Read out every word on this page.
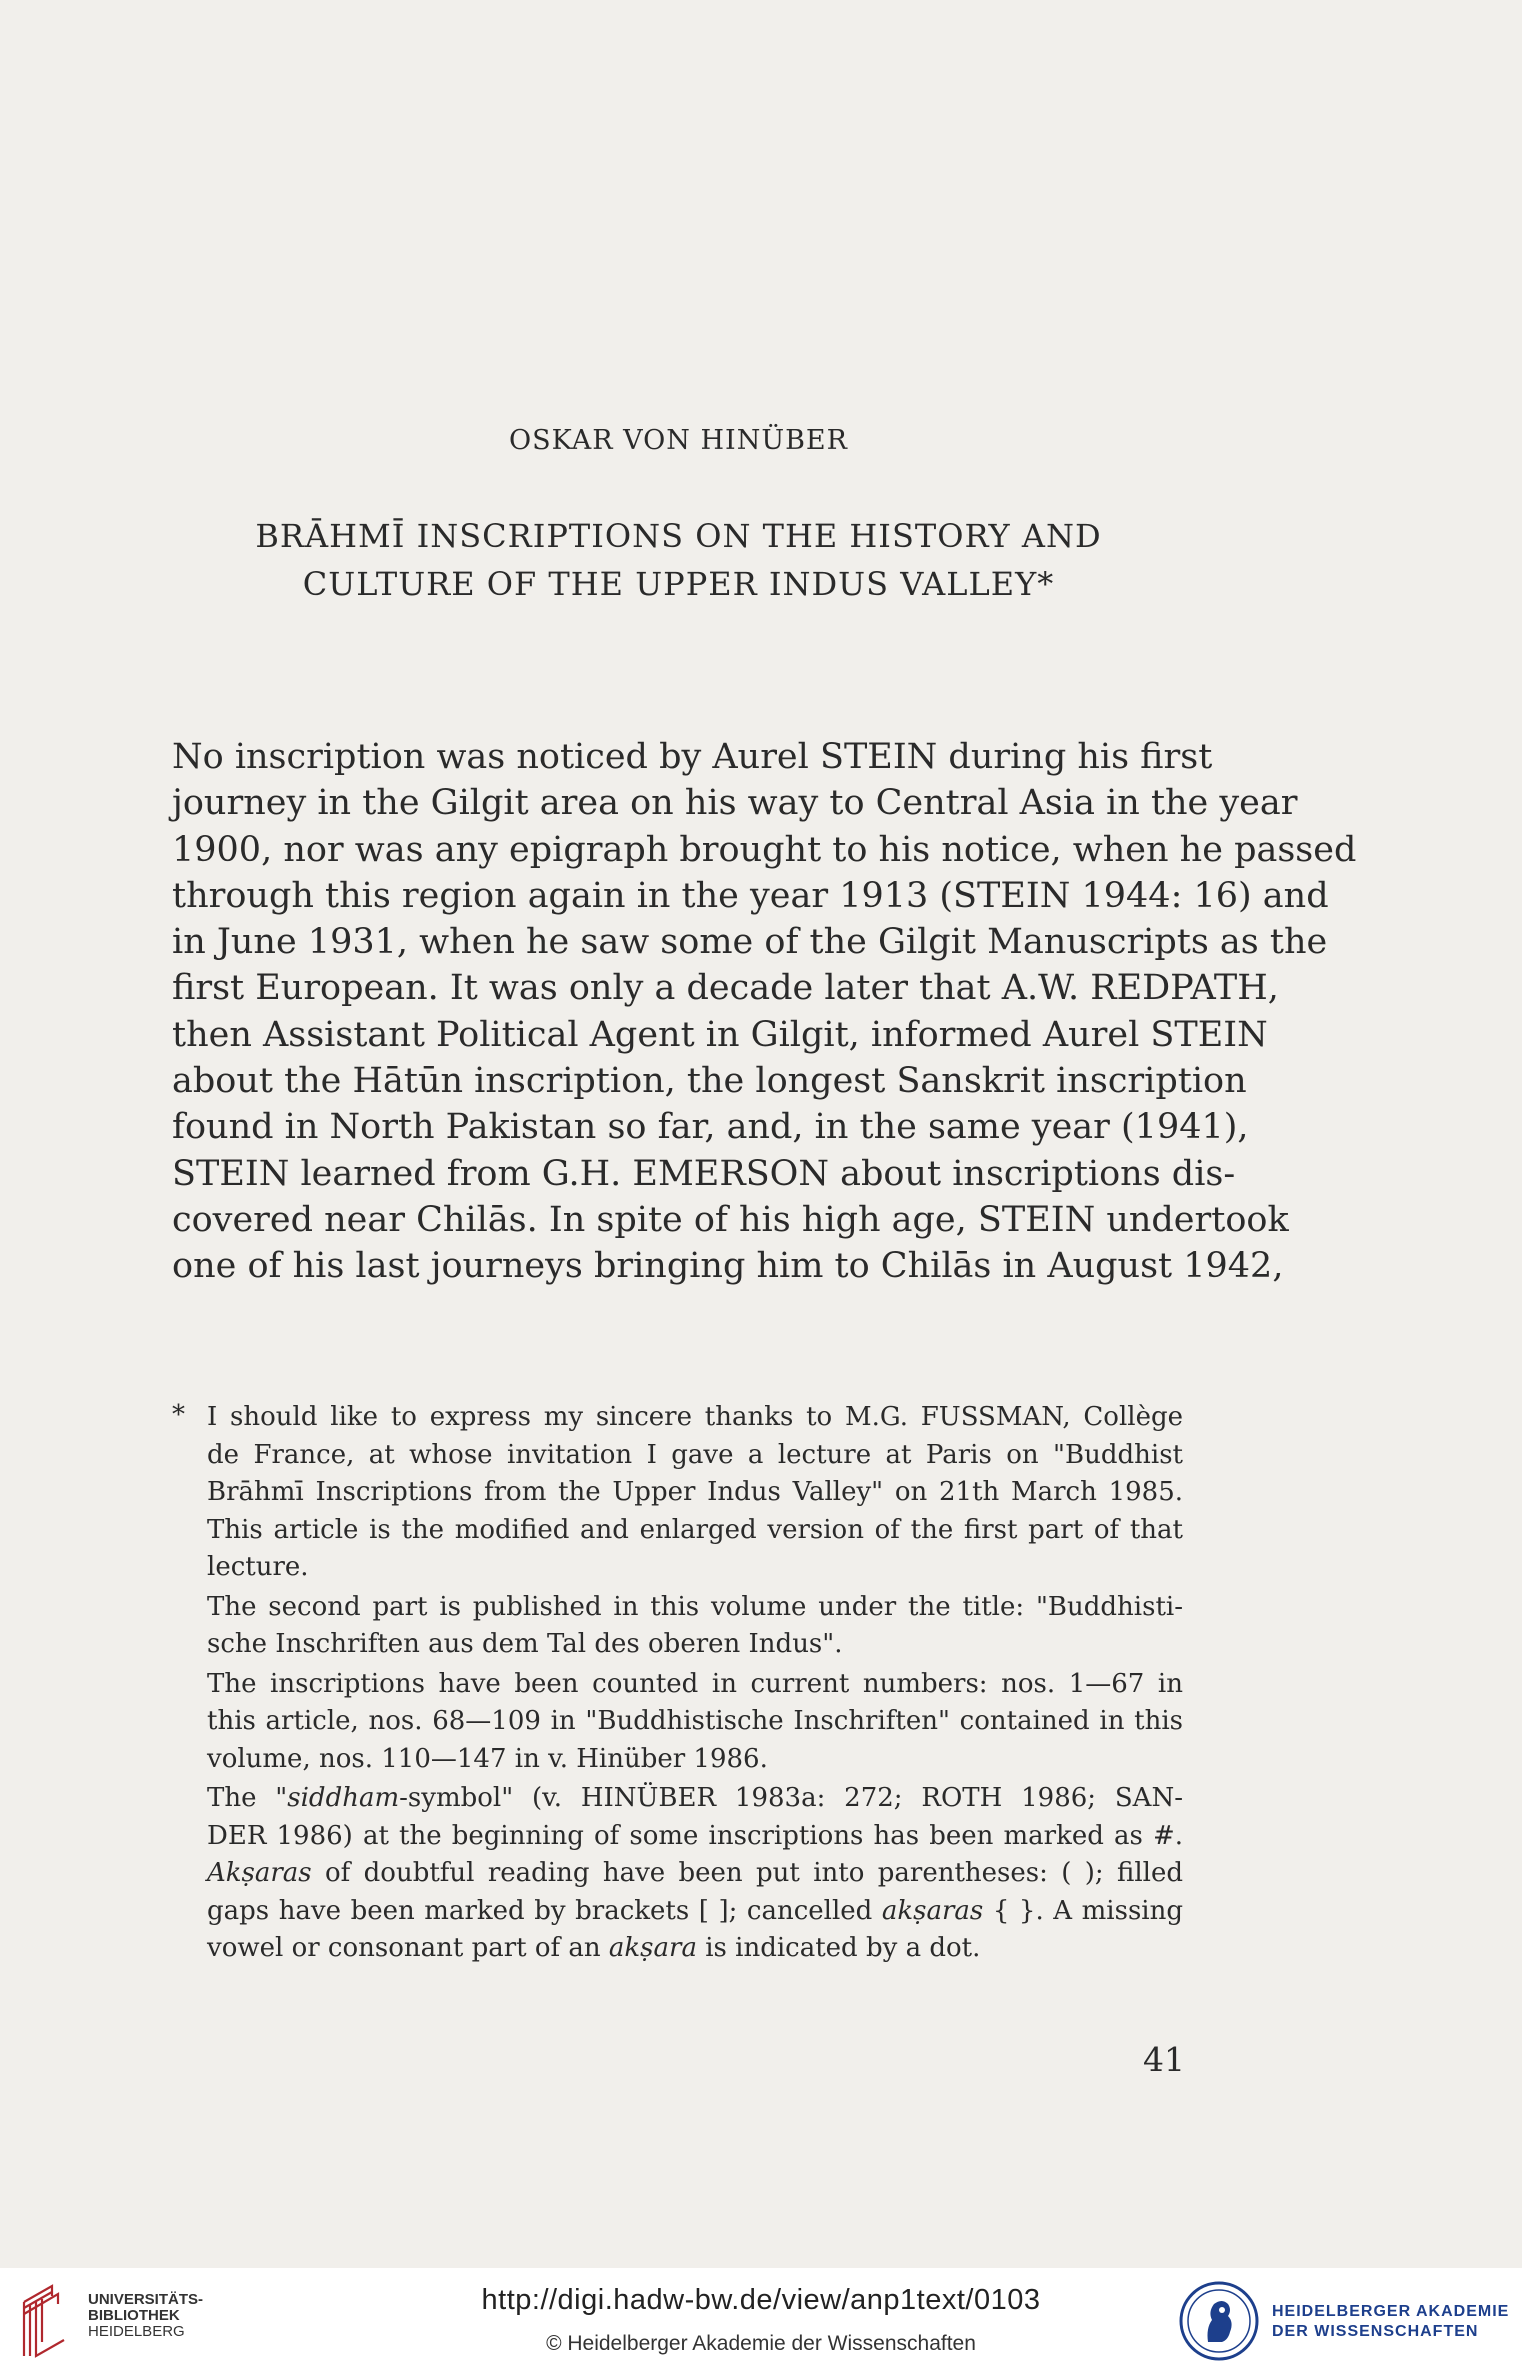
OSKAR VON HINÜBER
BRĀHMĪ INSCRIPTIONS ON THE HISTORY AND
CULTURE OF THE UPPER INDUS VALLEY*
No inscription was noticed by Aurel STEIN during his first
journey in the Gilgit area on his way to Central Asia in the year
1900, nor was any epigraph brought to his notice, when he passed
through this region again in the year 1913 (STEIN 1944: 16) and
in June 1931, when he saw some of the Gilgit Manuscripts as the
first European. It was only a decade later that A.W. REDPATH,
then Assistant Political Agent in Gilgit, informed Aurel STEIN
about the Hātūn inscription, the longest Sanskrit inscription
found in North Pakistan so far, and, in the same year (1941),
STEIN learned from G.H. EMERSON about inscriptions dis-
covered near Chilās. In spite of his high age, STEIN undertook
one of his last journeys bringing him to Chilās in August 1942,
* I should like to express my sincere thanks to M.G. FUSSMAN, Collège
de France, at whose invitation I gave a lecture at Paris on "Buddhist
Brāhmī Inscriptions from the Upper Indus Valley" on 21th March 1985.
This article is the modified and enlarged version of the first part of that
lecture.
The second part is published in this volume under the title: "Buddhisti-
sche Inschriften aus dem Tal des oberen Indus".
The inscriptions have been counted in current numbers: nos. 1—67 in
this article, nos. 68—109 in "Buddhistische Inschriften" contained in this
volume, nos. 110—147 in v. Hinüber 1986.
The "siddham-symbol" (v. HINÜBER 1983a: 272; ROTH 1986; SAN-
DER 1986) at the beginning of some inscriptions has been marked as #.
Akṣaras of doubtful reading have been put into parentheses: ( ); filled
gaps have been marked by brackets [ ]; cancelled akṣaras { }. A missing
vowel or consonant part of an akṣara is indicated by a dot.
41
UNIVERSITÄTS-
BIBLIOTHEK
HEIDELBERG
http://digi.hadw-bw.de/view/anp1text/0103
© Heidelberger Akademie der Wissenschaften
HEIDELBERGER AKADEMIE
DER WISSENSCHAFTEN
